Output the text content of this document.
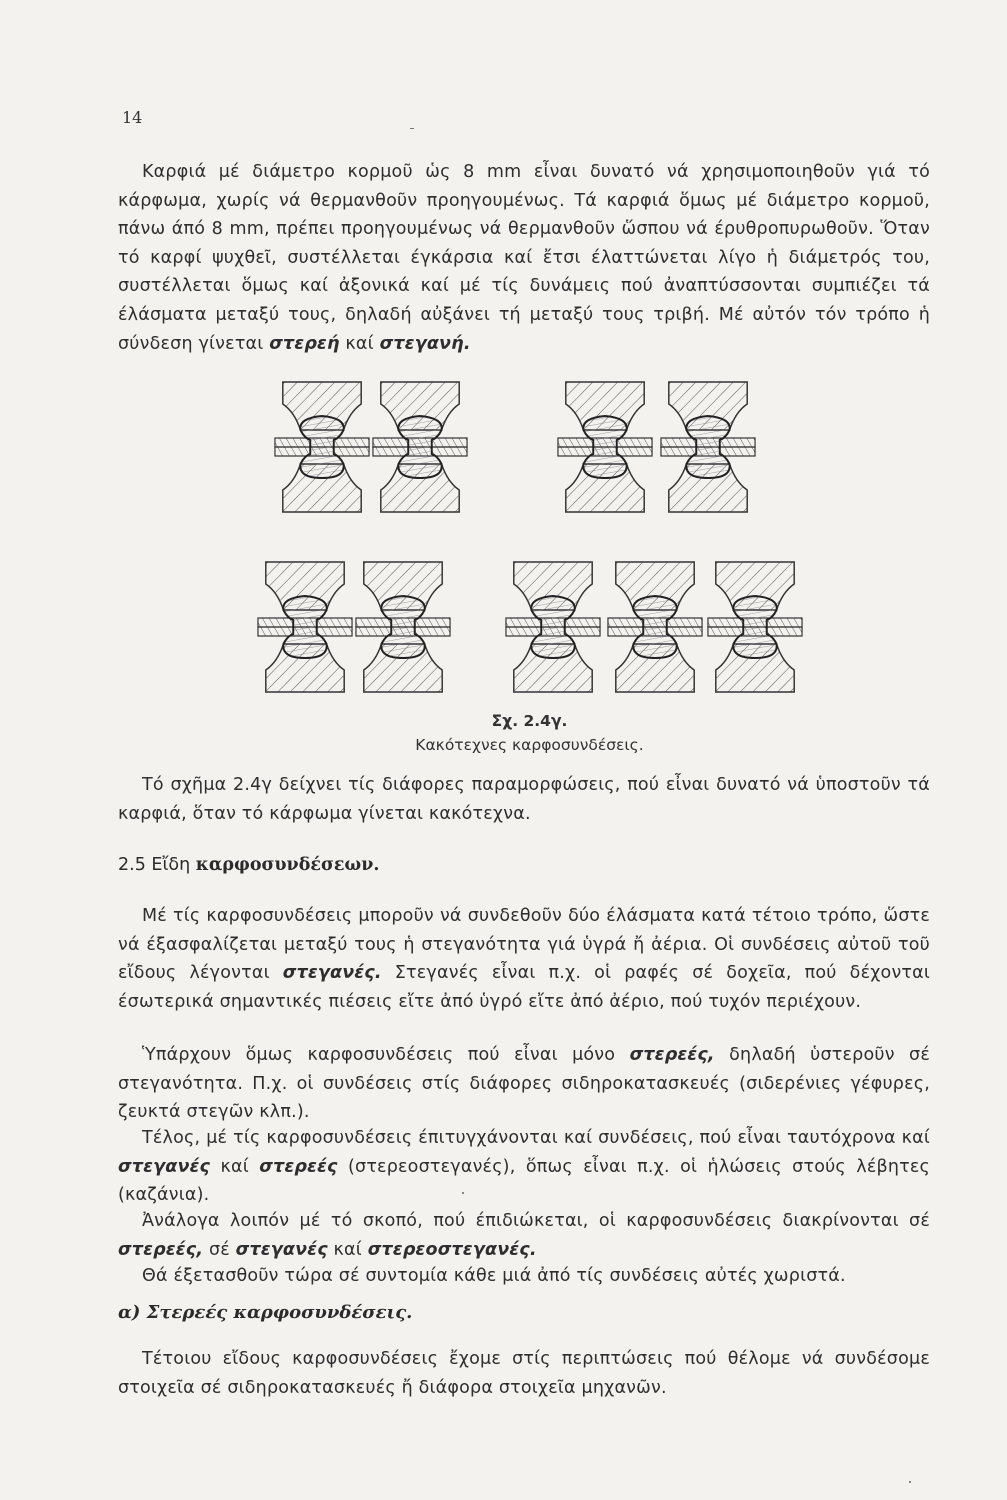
14

Καρφιά μέ διάμετρο κορμοῦ ὡς 8 mm εἶναι δυνατό νά χρησιμοποιηθοῦν γιά τό κάρφωμα, χωρίς νά θερμανθοῦν προηγουμένως. Τά καρφιά ὅμως μέ διάμετρο κορμοῦ, πάνω άπό 8 mm, πρέπει προηγουμένως νά θερμανθοῦν ὥσπου νά έρυθροπυρωθοῦν. Ὅταν τό καρφί ψυχθεῖ, συστέλλεται έγκάρσια καί ἔτσι έλαττώνεται λίγο ἡ διάμετρός του, συστέλλεται ὅμως καί ἀξονικά καί μέ τίς δυνάμεις πού ἀναπτύσσονται συμπιέζει τά έλάσματα μεταξύ τους, δηλαδή αὐξάνει τή μεταξύ τους τριβή. Μέ αὐτόν τόν τρόπο ἡ σύνδεση γίνεται στερεή καί στεγανή.

Σχ. 2.4γ.
Κακότεχνες καρφοσυνδέσεις.

Τό σχῆμα 2.4γ δείχνει τίς διάφορες παραμορφώσεις, πού εἶναι δυνατό νά ὑποστοῦν τά καρφιά, ὅταν τό κάρφωμα γίνεται κακότεχνα.

2.5 Εἴδη καρφοσυνδέσεων.

Μέ τίς καρφοσυνδέσεις μποροῦν νά συνδεθοῦν δύο έλάσματα κατά τέτοιο τρόπο, ὥστε νά έξασφαλίζεται μεταξύ τους ἡ στεγανότητα γιά ὑγρά ἤ ἀέρια. Οἱ συνδέσεις αὐτοῦ τοῦ εἴδους λέγονται στεγανές. Στεγανές εἶναι π.χ. οἱ ραφές σέ δοχεῖα, πού δέχονται έσωτερικά σημαντικές πιέσεις εἴτε ἀπό ὑγρό εἴτε ἀπό ἀέριο, πού τυχόν περιέχουν.

Ὑπάρχουν ὅμως καρφοσυνδέσεις πού εἶναι μόνο στερεές, δηλαδή ὑστεροῦν σέ στεγανότητα. Π.χ. οἱ συνδέσεις στίς διάφορες σιδηροκατασκευές (σιδερένιες γέφυρες, ζευκτά στεγῶν κλπ.).

Τέλος, μέ τίς καρφοσυνδέσεις έπιτυγχάνονται καί συνδέσεις, πού εἶναι ταυτόχρονα καί στεγανές καί στερεές (στερεοστεγανές), ὅπως εἶναι π.χ. οἱ ἡλώσεις στούς λέβητες (καζάνια).

Ἀνάλογα λοιπόν μέ τό σκοπό, πού έπιδιώκεται, οἱ καρφοσυνδέσεις διακρίνονται σέ στερεές, σέ στεγανές καί στερεοστεγανές.

Θά έξετασθοῦν τώρα σέ συντομία κάθε μιά ἀπό τίς συνδέσεις αὐτές χωριστά.

α) Στερεές καρφοσυνδέσεις.

Τέτοιου εἴδους καρφοσυνδέσεις ἔχομε στίς περιπτώσεις πού θέλομε νά συνδέσομε στοιχεῖα σέ σιδηροκατασκευές ἤ διάφορα στοιχεῖα μηχανῶν.
